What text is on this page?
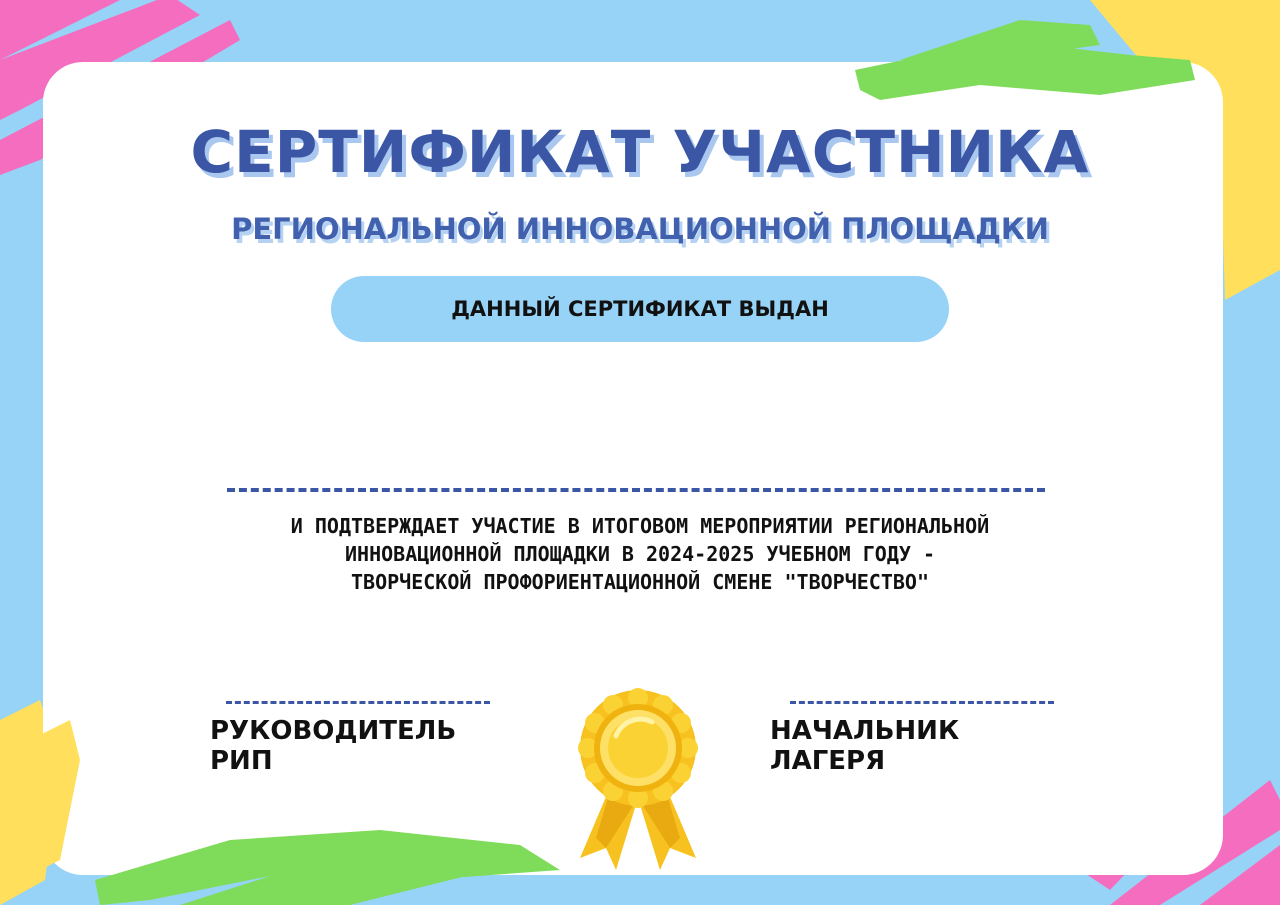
СЕРТИФИКАТ УЧАСТНИКА
РЕГИОНАЛЬНОЙ ИННОВАЦИОННОЙ ПЛОЩАДКИ
ДАННЫЙ СЕРТИФИКАТ ВЫДАН
И ПОДТВЕРЖДАЕТ УЧАСТИЕ В ИТОГОВОМ МЕРОПРИЯТИИ РЕГИОНАЛЬНОЙ
ИННОВАЦИОННОЙ ПЛОЩАДКИ В 2024-2025 УЧЕБНОМ ГОДУ -
ТВОРЧЕСКОЙ ПРОФОРИЕНТАЦИОННОЙ СМЕНЕ "ТВОРЧЕСТВО"
РУКОВОДИТЕЛЬ РИП
НАЧАЛЬНИК ЛАГЕРЯ
